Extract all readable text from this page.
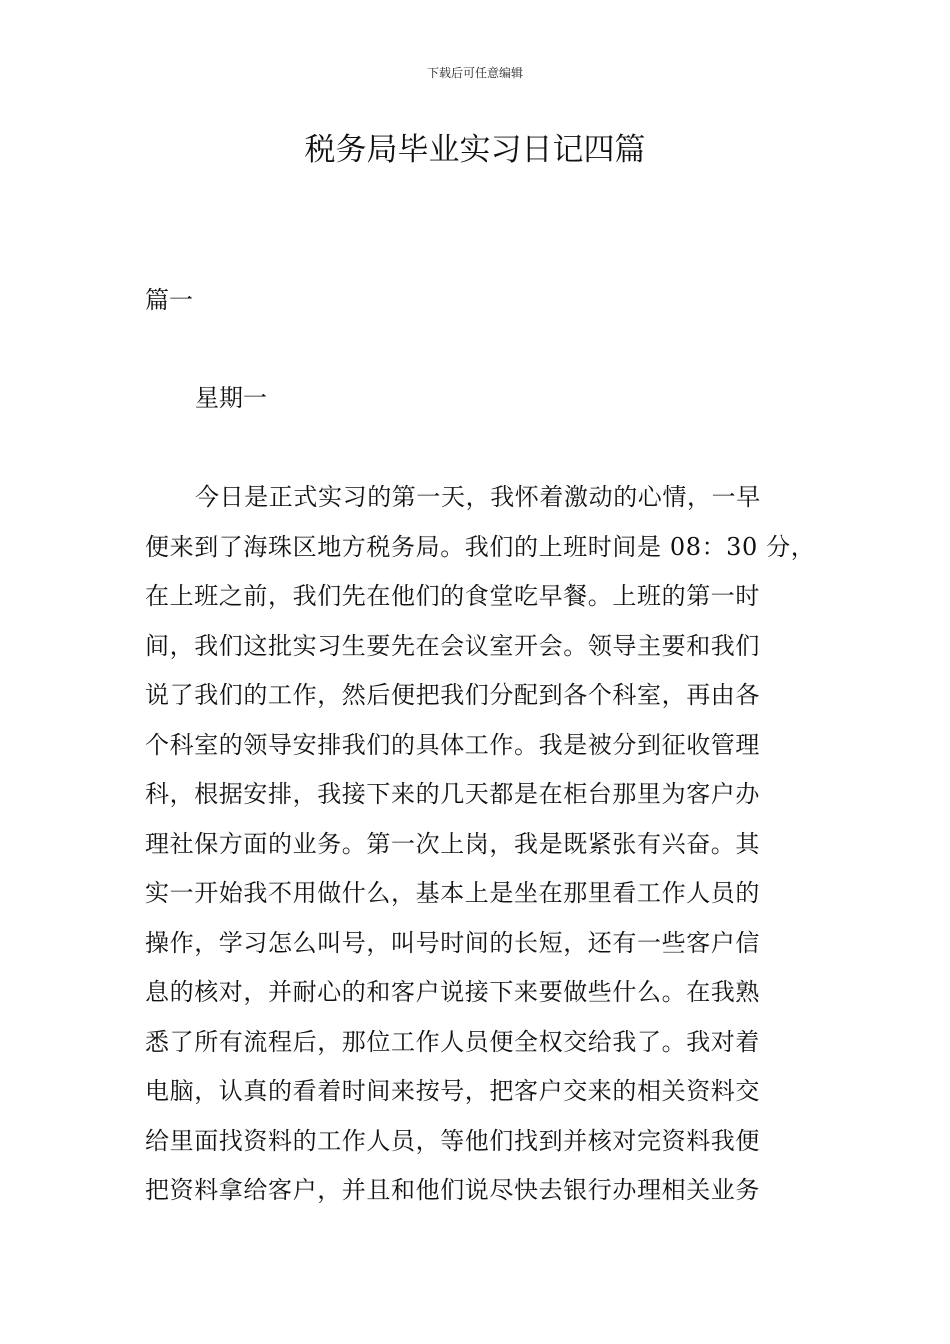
下载后可任意编辑
税务局毕业实习日记四篇
篇一
星期一
今日是正式实习的第一天，我怀着激动的心情，一早
便来到了海珠区地方税务局。我们的上班时间是 08：30 分，
在上班之前，我们先在他们的食堂吃早餐。上班的第一时
间，我们这批实习生要先在会议室开会。领导主要和我们
说了我们的工作，然后便把我们分配到各个科室，再由各
个科室的领导安排我们的具体工作。我是被分到征收管理
科，根据安排，我接下来的几天都是在柜台那里为客户办
理社保方面的业务。第一次上岗，我是既紧张有兴奋。其
实一开始我不用做什么，基本上是坐在那里看工作人员的
操作，学习怎么叫号，叫号时间的长短，还有一些客户信
息的核对，并耐心的和客户说接下来要做些什么。在我熟
悉了所有流程后，那位工作人员便全权交给我了。我对着
电脑，认真的看着时间来按号，把客户交来的相关资料交
给里面找资料的工作人员，等他们找到并核对完资料我便
把资料拿给客户，并且和他们说尽快去银行办理相关业务
